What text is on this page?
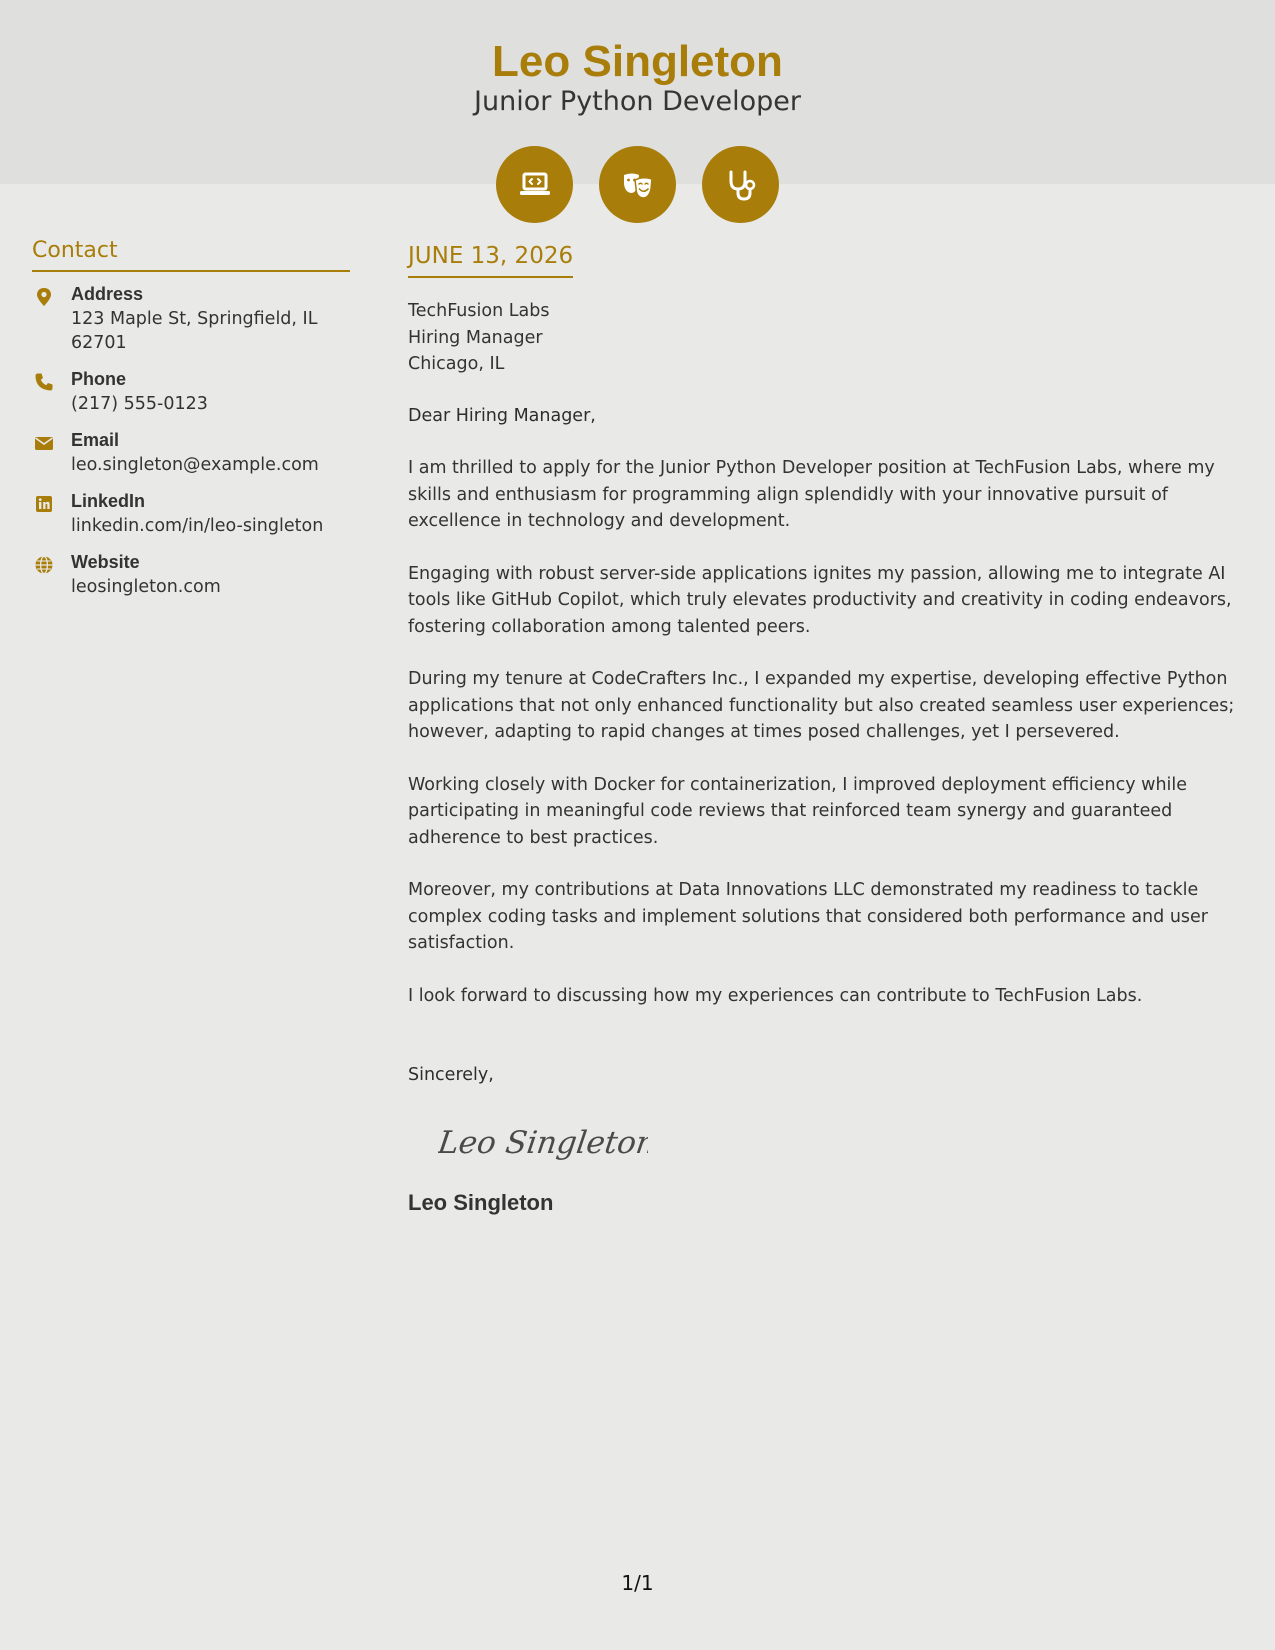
Leo Singleton
Junior Python Developer
Contact
Address
123 Maple St, Springfield, IL 62701
Phone
(217) 555-0123
Email
leo.singleton@example.com
LinkedIn
linkedin.com/in/leo-singleton
Website
leosingleton.com
JUNE 13, 2026
TechFusion Labs
Hiring Manager
Chicago, IL
Dear Hiring Manager,
I am thrilled to apply for the Junior Python Developer position at TechFusion Labs, where my skills and enthusiasm for programming align splendidly with your innovative pursuit of excellence in technology and development.
Engaging with robust server-side applications ignites my passion, allowing me to integrate AI tools like GitHub Copilot, which truly elevates productivity and creativity in coding endeavors, fostering collaboration among talented peers.
During my tenure at CodeCrafters Inc., I expanded my expertise, developing effective Python applications that not only enhanced functionality but also created seamless user experiences; however, adapting to rapid changes at times posed challenges, yet I persevered.
Working closely with Docker for containerization, I improved deployment efficiency while participating in meaningful code reviews that reinforced team synergy and guaranteed adherence to best practices.
Moreover, my contributions at Data Innovations LLC demonstrated my readiness to tackle complex coding tasks and implement solutions that considered both performance and user satisfaction.
I look forward to discussing how my experiences can contribute to TechFusion Labs.
Sincerely,
Leo Singleton
Leo Singleton
1/1
